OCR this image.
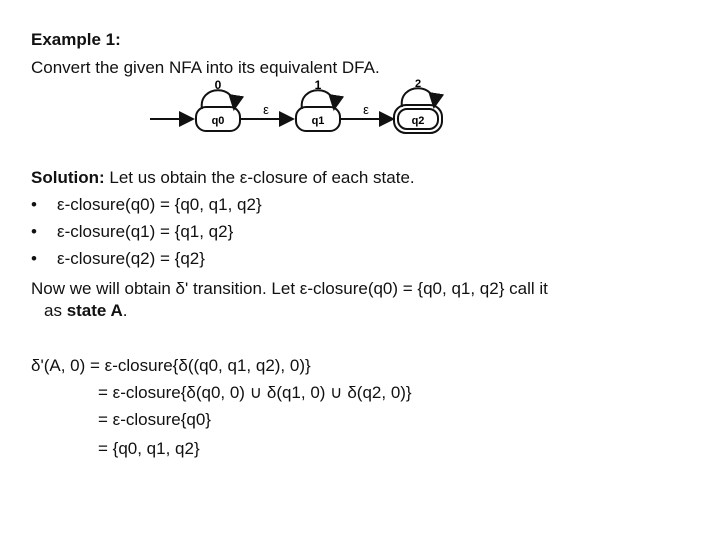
Example 1:
Convert the given NFA into its equivalent DFA.
q0
0
ε
q1
1
ε
q2
2
Solution: Let us obtain the ε-closure of each state.
• ε-closure(q0) = {q0, q1, q2}
• ε-closure(q1) = {q1, q2}
• ε-closure(q2) = {q2}
Now we will obtain δ' transition. Let ε-closure(q0) = {q0, q1, q2} call it
as state A.
δ'(A, 0) = ε-closure{δ((q0, q1, q2), 0)}
= ε-closure{δ(q0, 0) ∪ δ(q1, 0) ∪ δ(q2, 0)}
= ε-closure{q0}
= {q0, q1, q2}
